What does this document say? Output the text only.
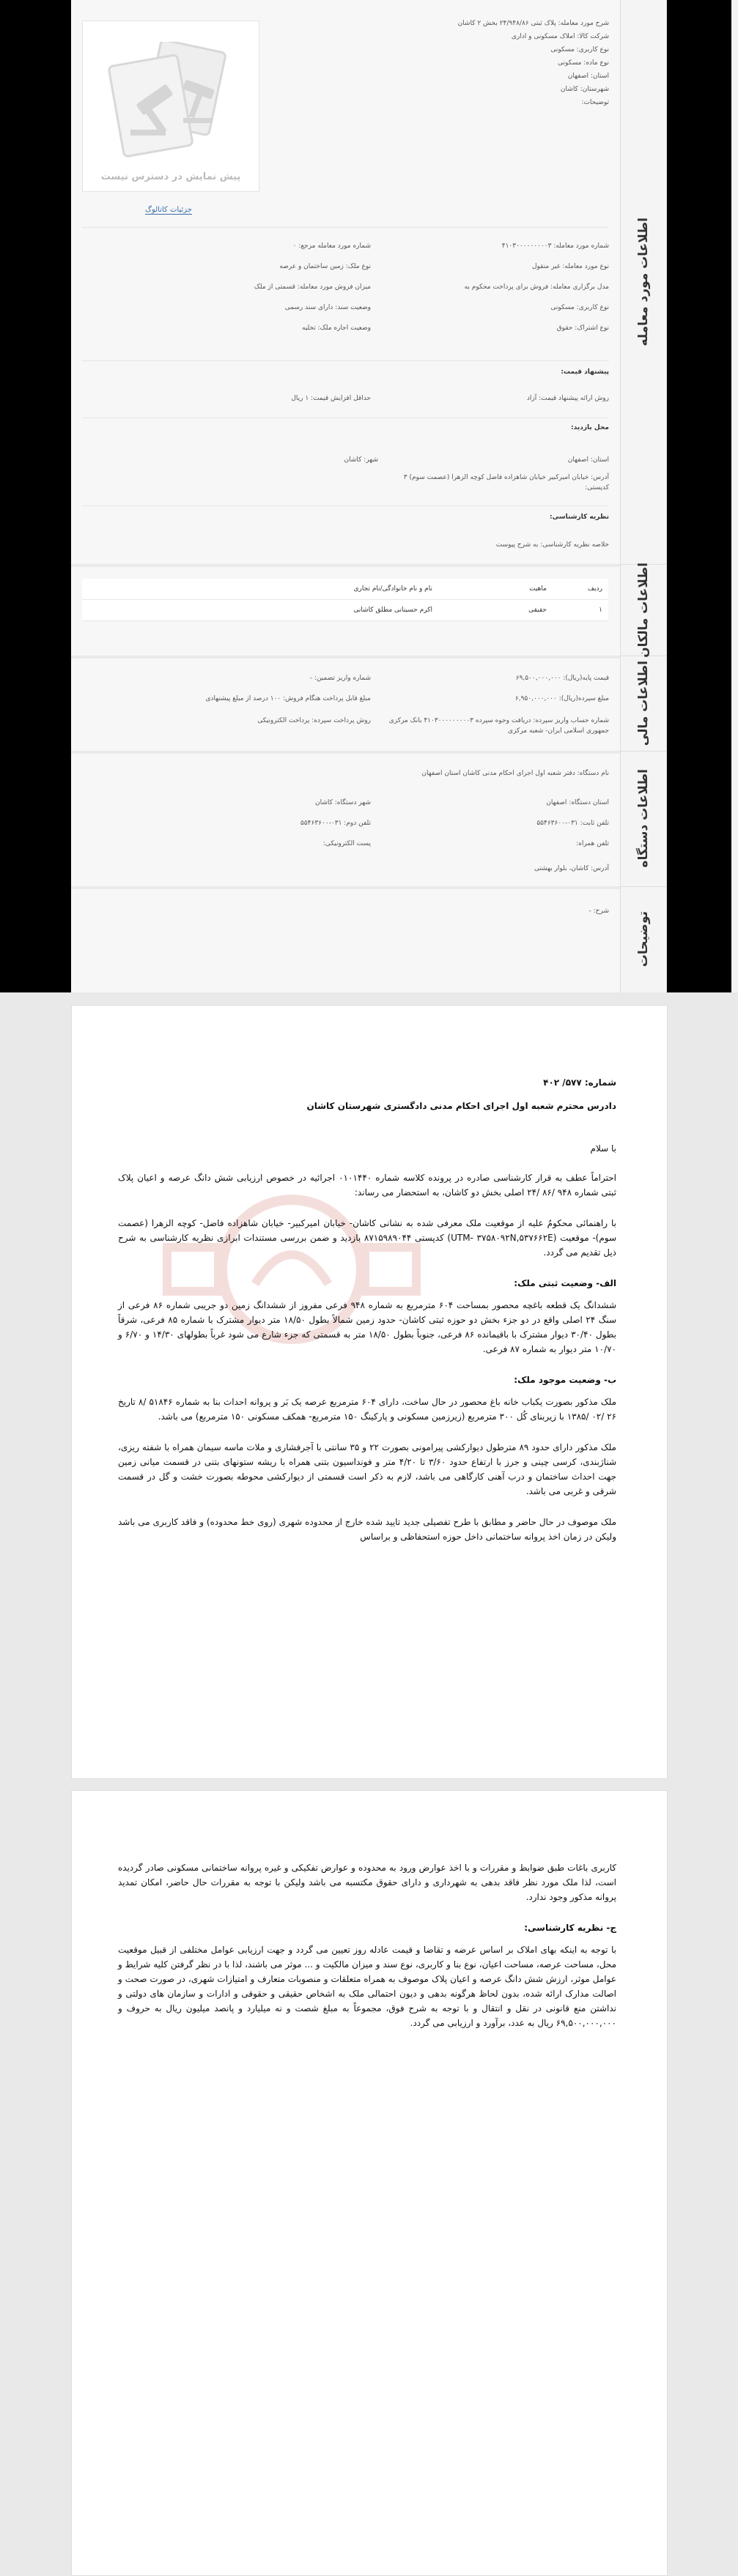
پیش نمایش در دسترس نیست
جزئیات کاتالوگ
شرح مورد معامله: پلاک ثبتی ۲۴/۹۴۸/۸۶ بخش ۲ کاشان
شرکت کالا: املاک مسکونی و اداری
نوع کاربری: مسکونی
نوع ماده: مسکونی
استان: اصفهان
شهرستان: کاشان
توضیحات:
شماره مورد معامله: ۴۱۰۳۰۰۰۰۰۰۰۰۰۳
نوع مورد معامله: غیر منقول
مدل برگزاری معامله: فروش برای پرداخت محکوم به
نوع کاربری: مسکونی
نوع اشتراک: حقوق
شماره مورد معامله مرجع: ۰
نوع ملک: زمین ساختمان و عرصه
میزان فروش مورد معامله: قسمتی از ملک
وضعیت سند: دارای سند رسمی
وضعیت اجاره ملک: تخلیه
پیشنهاد قیمت:
روش ارائه پیشنهاد قیمت: آزاد
حداقل افزایش قیمت: ۱ ریال
محل بازدید:
استان: اصفهان
شهر: کاشان
آدرس: خیابان امیرکبیر خیابان شاهزاده فاضل کوچه الزهرا (عصمت سوم) ۳
کدپستی:
نظریه کارشناسی:
خلاصه نظریه کارشناسی: به شرح پیوست
ردیف	ماهیت	نام و نام خانوادگی/نام تجاری
۱	حقیقی	اکرم حسینانی مطلق کاشانی
قیمت پایه(ریال): ۶۹,۵۰۰,۰۰۰,۰۰۰
مبلغ سپرده(ریال): ۶,۹۵۰,۰۰۰,۰۰۰
شماره حساب واریز سپرده: دریافت وجوه سپرده ۴۱۰۳۰۰۰۰۰۰۰۰۰۳ بانک مرکزی
جمهوری اسلامی ایران- شعبه مرکزی
شماره واریز تضمین: -
مبلغ قابل پرداخت هنگام فروش: ۱۰۰ درصد از مبلغ پیشنهادی
روش پرداخت سپرده: پرداخت الکترونیکی
نام دستگاه: دفتر شعبه اول اجرای احکام مدنی کاشان استان اصفهان
استان دستگاه: اصفهان
تلفن ثابت: ۰۳۱-۵۵۴۶۳۶۰۰
تلفن همراه:
آدرس: کاشان، بلوار بهشتی
شهر دستگاه: کاشان
تلفن دوم: ۰۳۱-۵۵۴۶۳۶۰۰
پست الکترونیکی:
شرح: -
اطلاعات مورد معامله
اطلاعات مالکان
اطلاعات مالی
اطلاعات دستگاه
توضیحات

شماره: ۵۷۷/ ۴۰۲

دادرس محترم شعبه اول اجرای احکام مدنی دادگستری شهرستان کاشان

با سلام

احتراماً عطف به قرار کارشناسی صادره در پرونده کلاسه شماره ۰۱۰۱۴۴۰ اجرائیه در خصوص ارزیابی شش دانگ عرصه و اعیان پلاک ثبتی شماره ۹۴۸ /۸۶ /۲۴ اصلی بخش دو کاشان، به استحضار می رساند:

با راهنمائی محکومٌ علیه از موقعیت ملک معرفی شده به نشانی کاشان- خیابان امیرکبیر- خیابان شاهزاده فاضل- کوچه الزهرا (عصمت سوم)- موقعیت (UTM- ۳۷۵۸۰۹۲N,۵۳۷۶۶۲E) کدپستی ۸۷۱۵۹۸۹۰۴۴ بازدید و ضمن بررسی مستندات ابرازی نظریه کارشناسی به شرح ذیل تقدیم می گردد.

الف- وضعیت ثبتی ملک:

ششدانگ یک قطعه باغچه محصور بمساحت ۶۰۴ مترمربع به شماره ۹۴۸ فرعی مفروز از ششدانگ زمین دو جریبی شماره ۸۶ فرعی از سنگ ۲۴ اصلی واقع در دو جزء بخش دو حوزه ثبتی کاشان- حدود زمین شمالاً بطول ۱۸/۵۰ متر دیوار مشترک با شماره ۸۵ فرعی، شرقاً بطول ۳۰/۴۰ دیوار مشترک با باقیمانده ۸۶ فرعی، جنوباً بطول ۱۸/۵۰ متر به قسمتی که جزء شارع می شود غرباً بطولهای ۱۴/۳۰ و ۶/۷۰ و ۱۰/۷۰ متر دیوار به شماره ۸۷ فرعی.

ب- وضعیت موجود ملک:

ملک مذکور بصورت یکباب خانه باغ محصور در حال ساخت، دارای ۶۰۴ مترمربع عرصه یک بَر و پروانه احداث بنا به شماره ۵۱۸۴۶ /۸ تاریخ ۲۶ /۰۲ /۱۳۸۵ با زیربنای کُل ۳۰۰ مترمربع (زیرزمین مسکونی و پارکینگ ۱۵۰ مترمربع- همکف مسکونی ۱۵۰ مترمربع) می باشد.

ملک مذکور دارای حدود ۸۹ مترطول دیوارکشی پیرامونی بصورت ۲۲ و ۳۵ سانتی با آجرفشاری و ملات ماسه سیمان همراه با شفته ریزی، شناژبندی، کرسی چینی و جرز با ارتفاع حدود ۳/۶۰ تا ۴/۲۰ متر و فونداسیون بتنی همراه با ریشه ستونهای بتنی در قسمت میانی زمین جهت احداث ساختمان و درب آهنی کارگاهی می باشد، لازم به ذکر است قسمتی از دیوارکشی محوطه بصورت خشت و گل در قسمت شرقی و غربی می باشد.

ملک موصوف در حال حاضر و مطابق با طرح تفصیلی جدید تایید شده خارج از محدوده شهری (روی خط محدوده) و فاقد کاربری می باشد ولیکن در زمان اخذ پروانه ساختمانی داخل حوزه استحفاظی و براساس

کاربری باغات طبق ضوابط و مقررات و با اخذ عوارض ورود به محدوده و عوارض تفکیکی و غیره پروانه ساختمانی مسکونی صادر گردیده است، لذا ملک مورد نظر فاقد بدهی به شهرداری و دارای حقوق مکتسبه می باشد ولیکن با توجه به مقررات حال حاضر، امکان تمدید پروانه مذکور وجود ندارد.

ج- نظریه کارشناسی:

با توجه به اینکه بهای املاک بر اساس عرضه و تقاضا و قیمت عادله روز تعیین می گردد و جهت ارزیابی عوامل مختلفی از قبیل موقعیت محل، مساحت عرصه، مساحت اعیان، نوع بنا و کاربری، نوع سند و میزان مالکیت و ... موثر می باشند، لذا با در نظر گرفتن کلیه شرایط و عوامل موثر، ارزش شش دانگ عرصه و اعیان پلاک موصوف به همراه متعلقات و منصوبات متعارف و امتیازات شهری، در صورت صحت و اصالت مدارک ارائه شده، بدون لحاظ هرگونه بدهی و دیون احتمالی ملک به اشخاص حقیقی و حقوقی و ادارات و سازمان های دولتی و نداشتن منع قانونی در نقل و انتقال و با توجه به شرح فوق، مجموعاً به مبلغ شصت و نه میلیارد و پانصد میلیون ریال به حروف و ۶۹,۵۰۰,۰۰۰,۰۰۰ ریال به عدد، برآورد و ارزیابی می گردد.
